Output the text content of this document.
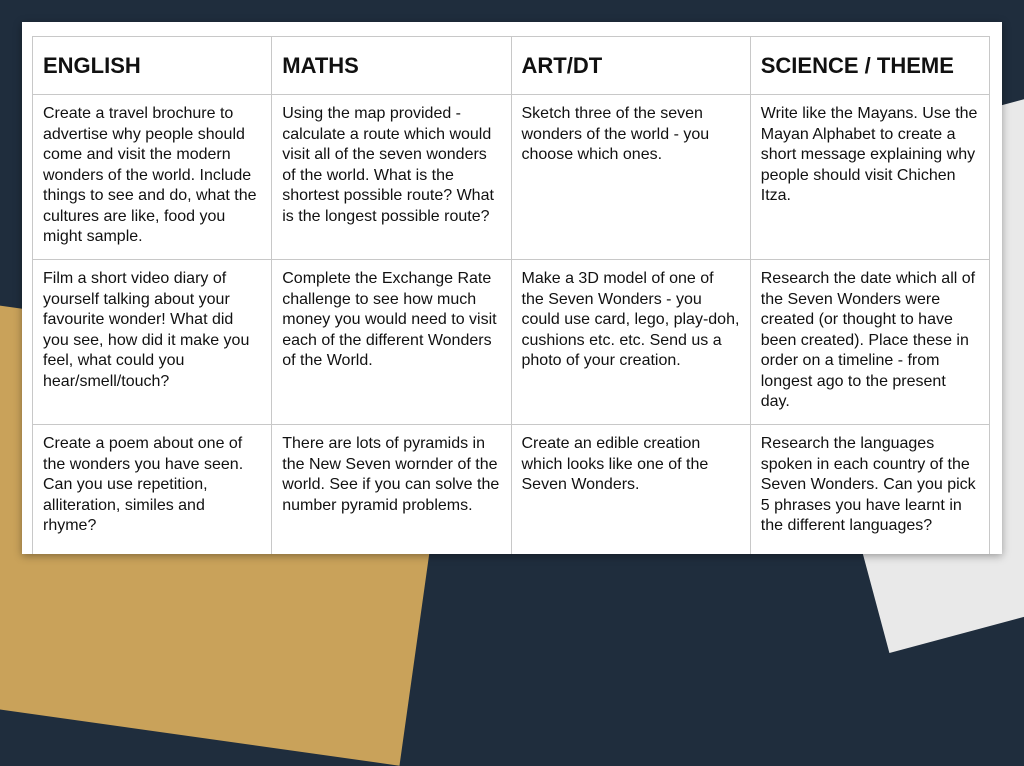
ENGLISH	MATHS	ART/DT	SCIENCE / THEME
Create a travel brochure to advertise why people should come and visit the modern wonders of the world. Include things to see and do, what the cultures are like, food you might sample.	Using the map provided - calculate a route which would visit all of the seven wonders of the world. What is the shortest possible route? What is the longest possible route?	Sketch three of the seven wonders of the world - you choose which ones.	Write like the Mayans. Use the Mayan Alphabet to create a short message explaining why people should visit Chichen Itza.
Film a short video diary of yourself talking about your favourite wonder! What did you see, how did it make you feel, what could you hear/smell/touch?	Complete the Exchange Rate challenge to see how much money you would need to visit each of the different Wonders of the World.	Make a 3D model of one of the Seven Wonders - you could use card, lego, play-doh, cushions etc. etc. Send us a photo of your creation.	Research the date which all of the Seven Wonders were created (or thought to have been created). Place these in order on a timeline - from longest ago to the present day.
Create a poem about one of the wonders you have seen. Can you use repetition, alliteration, similes and rhyme?	There are lots of pyramids in the New Seven wornder of the world. See if you can solve the number pyramid problems.	Create an edible creation which looks like one of the Seven Wonders.	Research the languages spoken in each country of the Seven Wonders. Can you pick 5 phrases you have learnt in the different languages?
